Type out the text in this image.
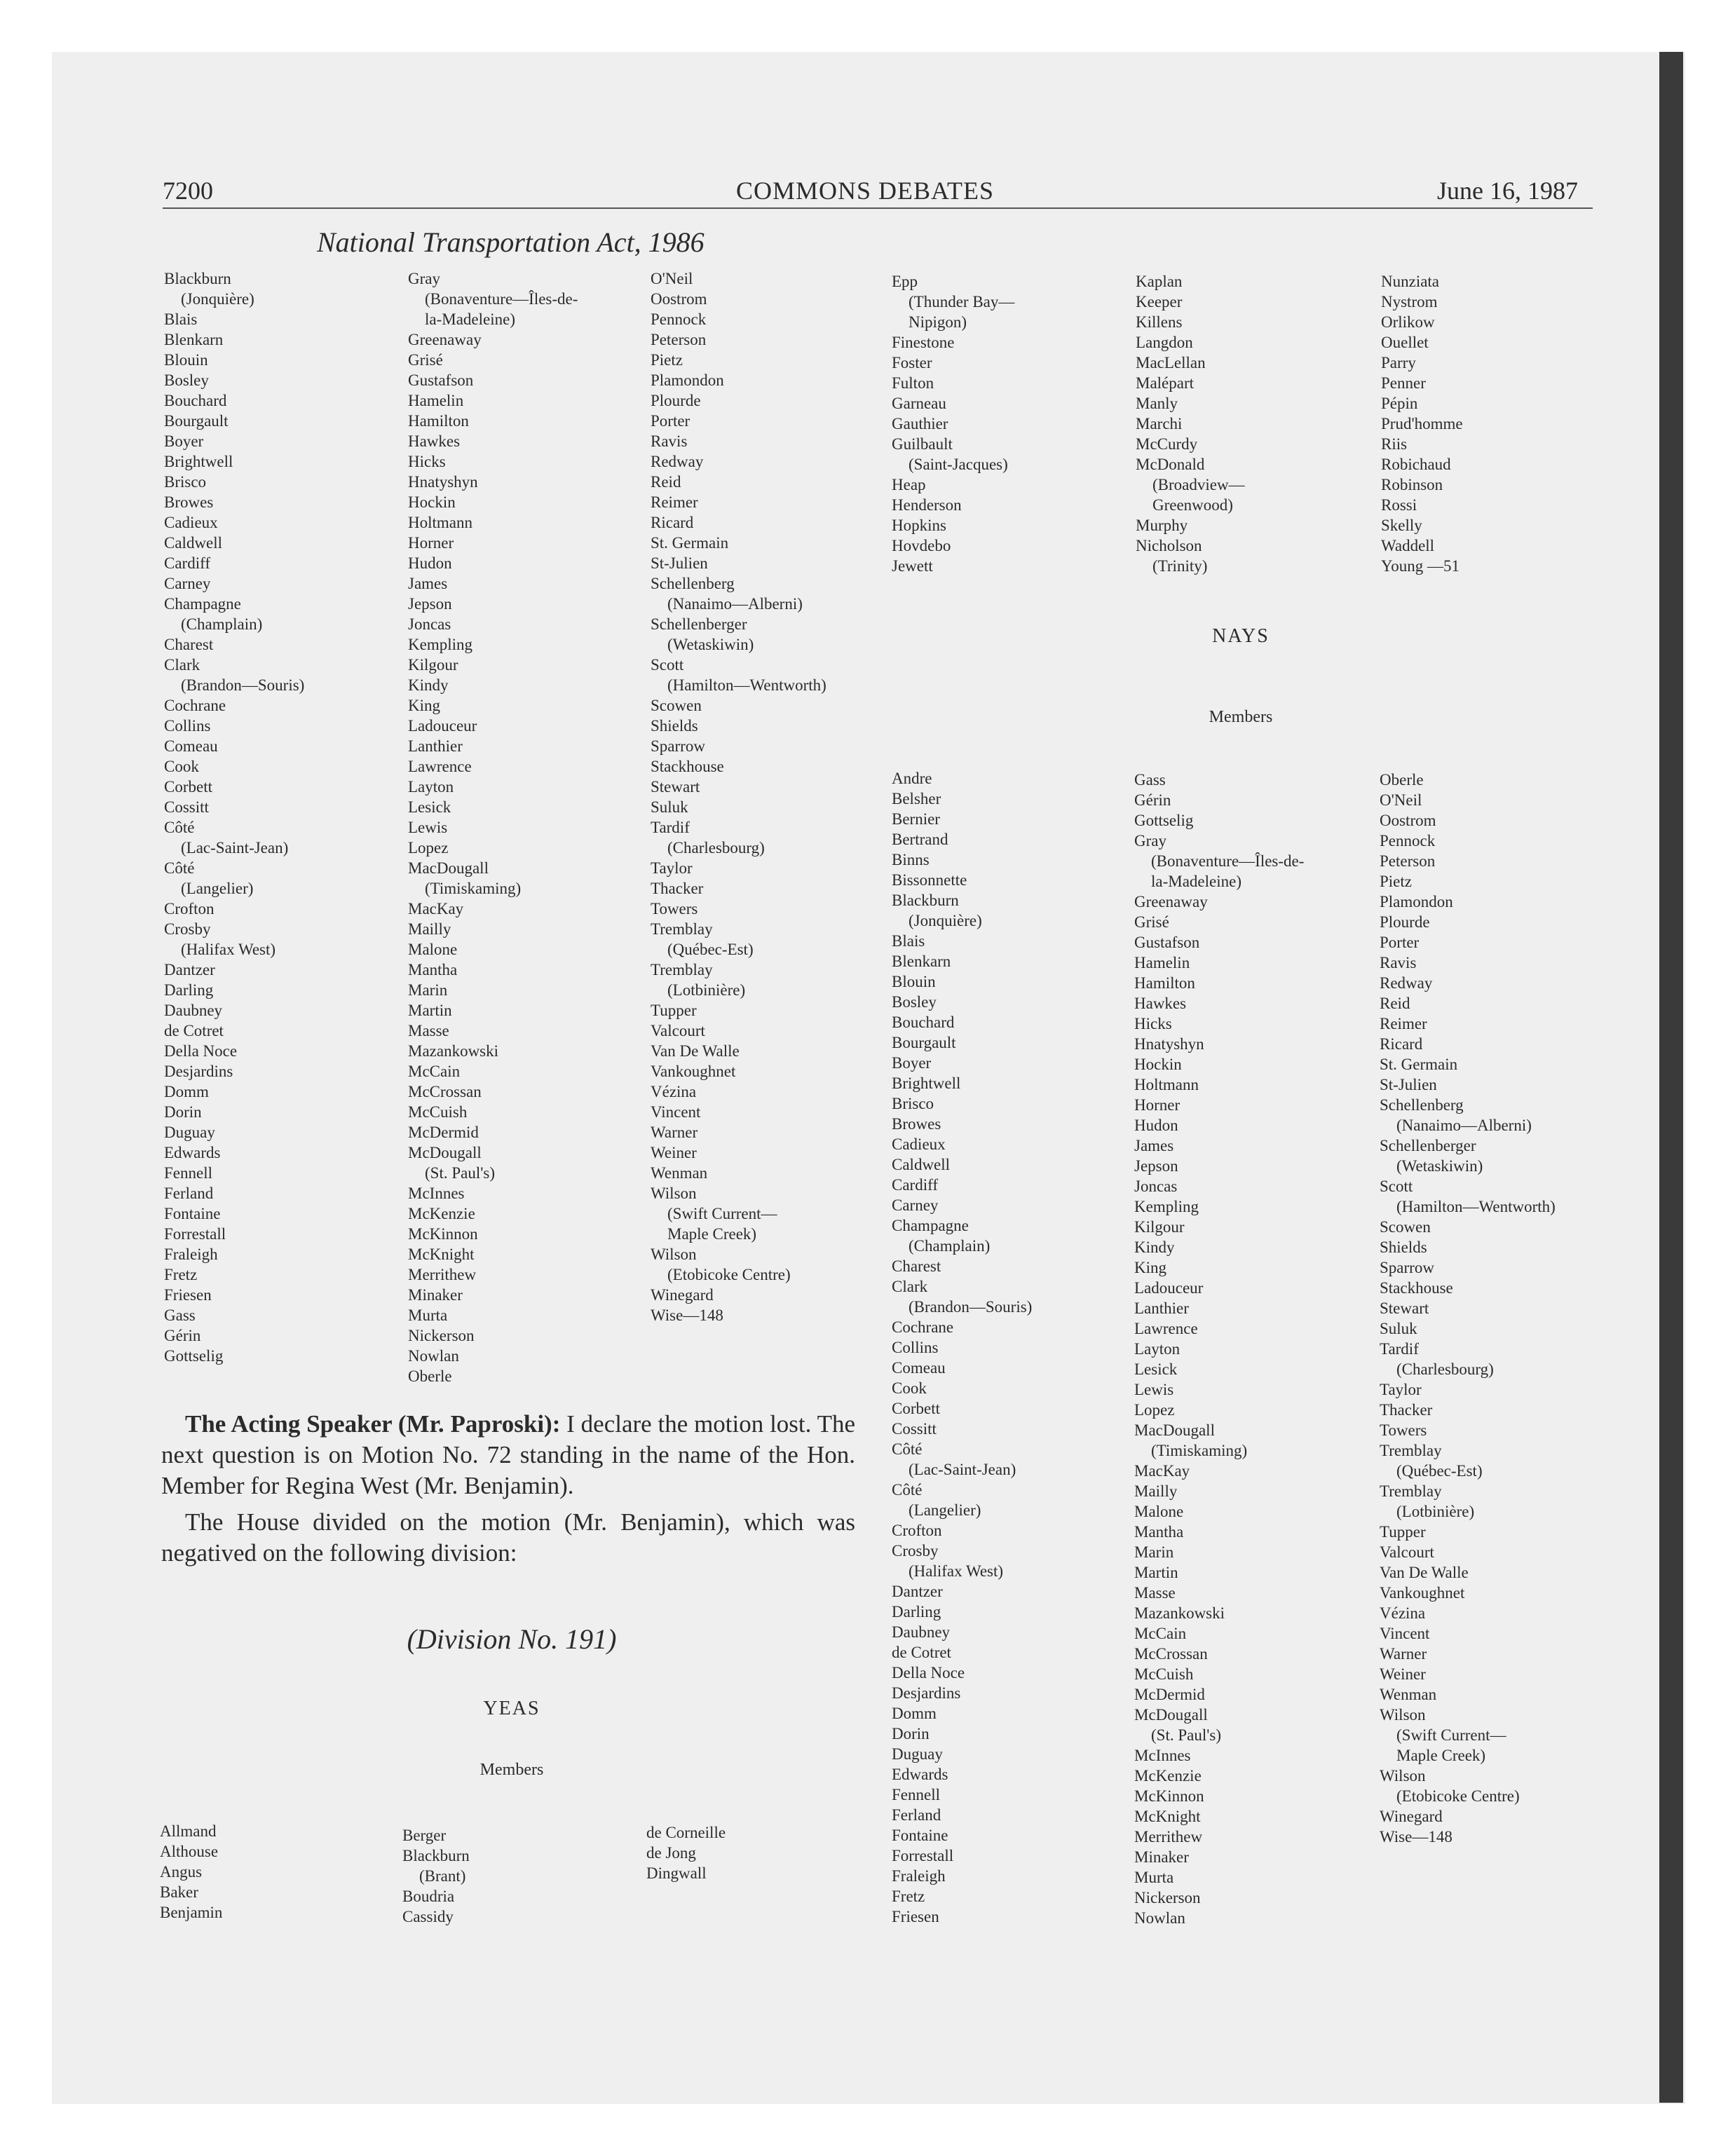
7200	COMMONS DEBATES	June 16, 1987
National Transportation Act, 1986
Blackburn
(Jonquière)
Blais
Blenkarn
Blouin
Bosley
Bouchard
Bourgault
Boyer
Brightwell
Brisco
Browes
Cadieux
Caldwell
Cardiff
Carney
Champagne
(Champlain)
Charest
Clark
(Brandon—Souris)
Cochrane
Collins
Comeau
Cook
Corbett
Cossitt
Côté
(Lac-Saint-Jean)
Côté
(Langelier)
Crofton
Crosby
(Halifax West)
Dantzer
Darling
Daubney
de Cotret
Della Noce
Desjardins
Domm
Dorin
Duguay
Edwards
Fennell
Ferland
Fontaine
Forrestall
Fraleigh
Fretz
Friesen
Gass
Gérin
Gottselig
Gray
(Bonaventure—Îles-de-
la-Madeleine)
Greenaway
Grisé
Gustafson
Hamelin
Hamilton
Hawkes
Hicks
Hnatyshyn
Hockin
Holtmann
Horner
Hudon
James
Jepson
Joncas
Kempling
Kilgour
Kindy
King
Ladouceur
Lanthier
Lawrence
Layton
Lesick
Lewis
Lopez
MacDougall
(Timiskaming)
MacKay
Mailly
Malone
Mantha
Marin
Martin
Masse
Mazankowski
McCain
McCrossan
McCuish
McDermid
McDougall
(St. Paul's)
McInnes
McKenzie
McKinnon
McKnight
Merrithew
Minaker
Murta
Nickerson
Nowlan
Oberle
O'Neil
Oostrom
Pennock
Peterson
Pietz
Plamondon
Plourde
Porter
Ravis
Redway
Reid
Reimer
Ricard
St. Germain
St-Julien
Schellenberg
(Nanaimo—Alberni)
Schellenberger
(Wetaskiwin)
Scott
(Hamilton—Wentworth)
Scowen
Shields
Sparrow
Stackhouse
Stewart
Suluk
Tardif
(Charlesbourg)
Taylor
Thacker
Towers
Tremblay
(Québec-Est)
Tremblay
(Lotbinière)
Tupper
Valcourt
Van De Walle
Vankoughnet
Vézina
Vincent
Warner
Weiner
Wenman
Wilson
(Swift Current—
Maple Creek)
Wilson
(Etobicoke Centre)
Winegard
Wise—148
Epp
(Thunder Bay—
Nipigon)
Finestone
Foster
Fulton
Garneau
Gauthier
Guilbault
(Saint-Jacques)
Heap
Henderson
Hopkins
Hovdebo
Jewett
Kaplan
Keeper
Killens
Langdon
MacLellan
Malépart
Manly
Marchi
McCurdy
McDonald
(Broadview—
Greenwood)
Murphy
Nicholson
(Trinity)
Nunziata
Nystrom
Orlikow
Ouellet
Parry
Penner
Pépin
Prud'homme
Riis
Robichaud
Robinson
Rossi
Skelly
Waddell
Young —51
NAYS
Members
Andre
Belsher
Bernier
Bertrand
Binns
Bissonnette
Blackburn
(Jonquière)
Blais
Blenkarn
Blouin
Bosley
Bouchard
Bourgault
Boyer
Brightwell
Brisco
Browes
Cadieux
Caldwell
Cardiff
Carney
Champagne
(Champlain)
Charest
Clark
(Brandon—Souris)
Cochrane
Collins
Comeau
Cook
Corbett
Cossitt
Côté
(Lac-Saint-Jean)
Côté
(Langelier)
Crofton
Crosby
(Halifax West)
Dantzer
Darling
Daubney
de Cotret
Della Noce
Desjardins
Domm
Dorin
Duguay
Edwards
Fennell
Ferland
Fontaine
Forrestall
Fraleigh
Fretz
Friesen
Gass
Gérin
Gottselig
Gray
(Bonaventure—Îles-de-
la-Madeleine)
Greenaway
Grisé
Gustafson
Hamelin
Hamilton
Hawkes
Hicks
Hnatyshyn
Hockin
Holtmann
Horner
Hudon
James
Jepson
Joncas
Kempling
Kilgour
Kindy
King
Ladouceur
Lanthier
Lawrence
Layton
Lesick
Lewis
Lopez
MacDougall
(Timiskaming)
MacKay
Mailly
Malone
Mantha
Marin
Martin
Masse
Mazankowski
McCain
McCrossan
McCuish
McDermid
McDougall
(St. Paul's)
McInnes
McKenzie
McKinnon
McKnight
Merrithew
Minaker
Murta
Nickerson
Nowlan
Oberle
O'Neil
Oostrom
Pennock
Peterson
Pietz
Plamondon
Plourde
Porter
Ravis
Redway
Reid
Reimer
Ricard
St. Germain
St-Julien
Schellenberg
(Nanaimo—Alberni)
Schellenberger
(Wetaskiwin)
Scott
(Hamilton—Wentworth)
Scowen
Shields
Sparrow
Stackhouse
Stewart
Suluk
Tardif
(Charlesbourg)
Taylor
Thacker
Towers
Tremblay
(Québec-Est)
Tremblay
(Lotbinière)
Tupper
Valcourt
Van De Walle
Vankoughnet
Vézina
Vincent
Warner
Weiner
Wenman
Wilson
(Swift Current—
Maple Creek)
Wilson
(Etobicoke Centre)
Winegard
Wise—148

The Acting Speaker (Mr. Paproski): I declare the motion lost. The next question is on Motion No. 72 standing in the name of the Hon. Member for Regina West (Mr. Benjamin).

The House divided on the motion (Mr. Benjamin), which was negatived on the following division:

(Division No. 191)
YEAS
Members
Allmand
Althouse
Angus
Baker
Benjamin
Berger
Blackburn
(Brant)
Boudria
Cassidy
de Corneille
de Jong
Dingwall
